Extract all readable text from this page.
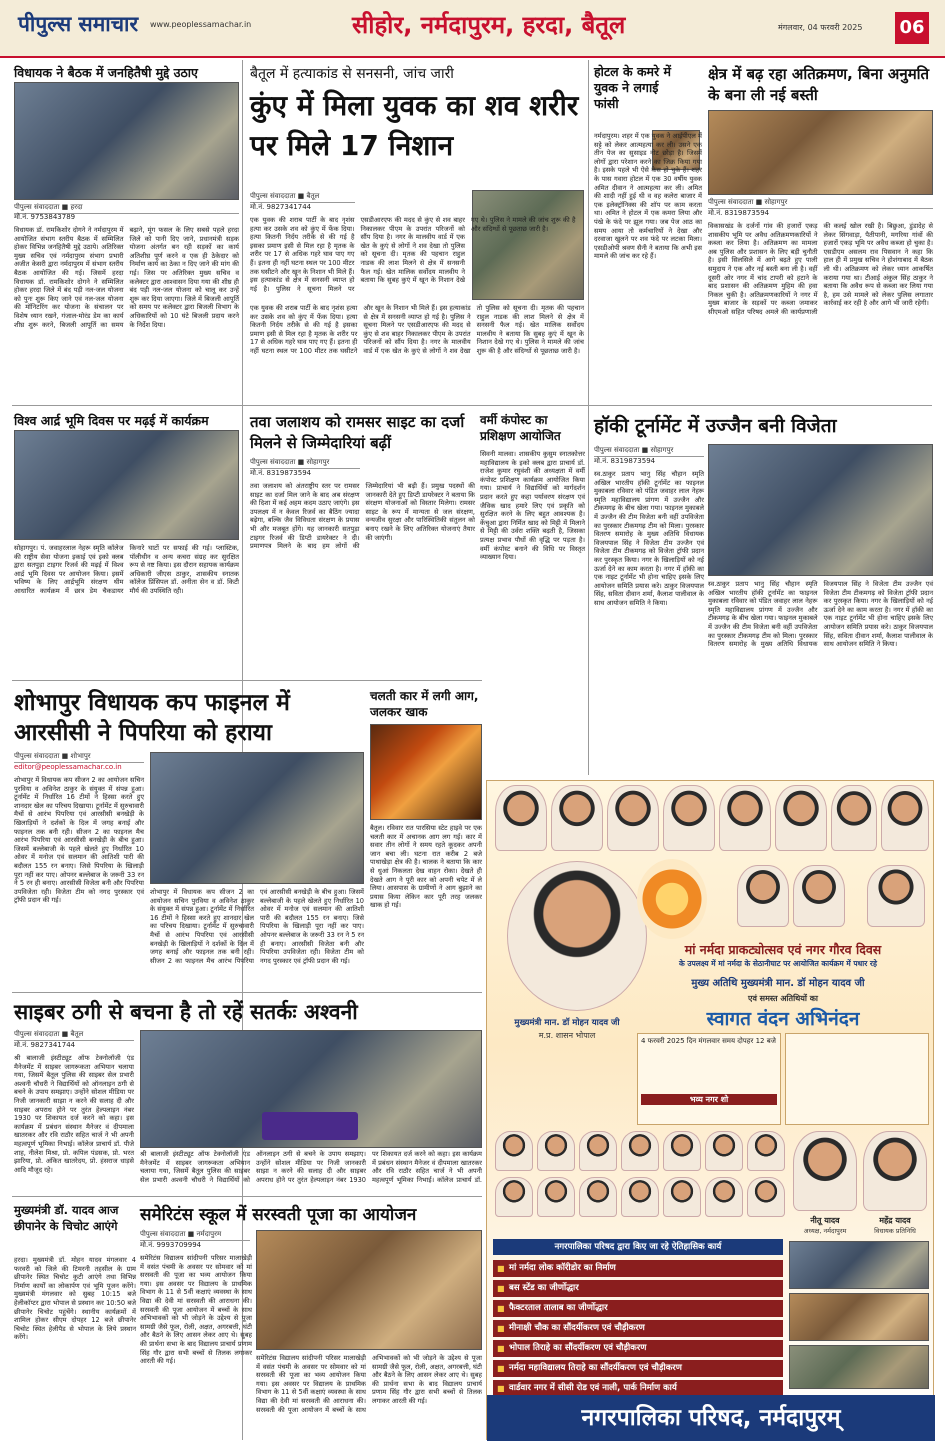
पीपुल्स समाचार www.peoplessamachar.in	सीहोर, नर्मदापुरम, हरदा, बैतूल	मंगलवार, 04 फरवरी 2025 06
विधायक ने बैठक में जनहितैषी मुद्दे उठाए
पीपुल्स संवाददाता ■ हरदा
मो.नं. 9753843789
विधायक डॉ. रामकिशोर दोगने ने नर्मदापुरम में आयोजित संभाग स्तरीय बैठक में सम्मिलित होकर विभिन्न जनहितैषी मुद्दे उठाये। अतिरिक्त मुख्य सचिव एवं नर्मदापुरम संभाग प्रभारी अजीत केसरी द्वारा नर्मदापुरम में संभाग स्तरीय बैठक आयोजित की गई। जिसमें हरदा विधायक डॉ. रामकिशोर दोगने ने सम्मिलित होकर हरदा जिले में बंद पड़ी नल-जल योजना को पुनः शुरू किए जाने एवं नल-जल योजना की मॉनिटरिंग कर योजना के संचालन पर विशेष ध्यान रखने, गंजाल-मोरंड डेम का कार्य शीघ्र शुरू करने, बिजली आपूर्ति का समय बढ़ाने, मूंग फसल के लिए सबसे पहले हरदा जिले को पानी दिए जाने, प्रधानमंत्री सड़क योजना अंतर्गत बन रही सड़कों का कार्य अतिशीघ्र पूर्ण करने व एक ही ठेकेदार को निर्माण कार्य का ठेका न दिए जाने की मांग की गई। जिस पर अतिरिक्त मुख्य सचिव व कलेक्टर द्वारा आश्वासन दिया गया की शीघ्र ही बंद पड़ी नल-जल योजना को चालू कर उन्हें शुरू कर दिया जाएगा। जिले में बिजली आपूर्ति को समय पर कलेक्टर द्वारा बिजली विभाग के अधिकारियों को 10 घंटे बिजली प्रदाय करने के निर्देश दिया।
बैतूल में हत्याकांड से सनसनी, जांच जारी
कुंए में मिला युवक का शव शरीर पर मिले 17 निशान
पीपुल्स संवाददाता ■ बैतूल
मो.नं. 9827341744
एक युवक की शराब पार्टी के बाद नृशंस हत्या कर उसके शव को कुंए में फेंक दिया। हत्या कितनी निर्दय तरीके से की गई है इसका प्रमाण इसी से मिल रहा है मृतक के शरीर पर 17 से अधिक गहरे घाव पाए गए हैं। इतना ही नहीं घटना स्थल पर 100 मीटर तक घसीटने और खून के निशान भी मिले हैं। इस हत्याकांड से क्षेत्र में सनसनी व्याप्त हो गई है। पुलिस ने सूचना मिलने पर एसडीआरएफ की मदद से कुंए से शव बाहर निकालकर पीएम के उपरांत परिजनों को सौंप दिया है। नगर के मालवीय वार्ड में एक खेत के कुएं से लोगों ने शव देखा तो पुलिस को सूचना दी। मृतक की पहचान राहुल नाडक की लाश मिलने से क्षेत्र में सनसनी फैल गई। खेत मालिक सर्वोदय मालवीय ने बताया कि सुबह कुएं में खून के निशान देखे
एक युवक की शराब पार्टी के बाद नृशंस हत्या कर उसके शव को कुंए में फेंक दिया। हत्या कितनी निर्दय तरीके से की गई है इसका प्रमाण इसी से मिल रहा है मृतक के शरीर पर 17 से अधिक गहरे घाव पाए गए हैं। इतना ही नहीं घटना स्थल पर 100 मीटर तक घसीटने और खून के निशान भी मिले हैं। इस हत्याकांड से क्षेत्र में सनसनी व्याप्त हो गई है। पुलिस ने सूचना मिलने पर एसडीआरएफ की मदद से कुंए से शव बाहर निकालकर पीएम के उपरांत परिजनों को सौंप दिया है। नगर के मालवीय वार्ड में एक खेत के कुएं से लोगों ने शव देखा तो पुलिस को सूचना दी। मृतक की पहचान राहुल नाडक की लाश मिलने से क्षेत्र में सनसनी फैल गई। खेत मालिक सर्वोदय मालवीय ने बताया कि सुबह कुएं में खून के निशान देखे गए थे। पुलिस ने मामले की जांच शुरू की है और संदिग्धों से पूछताछ जारी है।
होटल के कमरे में युवक ने लगाई फांसी
नर्मदापुरम। शहर में एक युवक ने आईपीएल में सट्टे को लेकर आत्महत्या कर ली। उसने एक तीन पेज का सुसाइड नोट छोड़ा है। जिसमें लोगों द्वारा परेशान करने का जिक्र किया गया है। इसके पहले भी ऐसे केस हो चुके हैं। शहर के पास गवारा होटल में एक 30 वर्षीय युवक अमित दीवान ने आत्महत्या कर ली। अमित की शादी नहीं हुई थी व वह कलेरा बाजार में एक इलेक्ट्रॉनिक्स की शॉप पर काम करता था। अमित ने होटल में एक कमरा लिया और पंखे के फंदे पर झूल गया। जब पेज आठ का समय आया तो कर्मचारियों ने देखा और दरवाजा खुलने पर शव फंदे पर लटका मिला। एसडीओपी श्रवण सैनी ने बताया कि अभी इस मामले की जांच कर रहे हैं।
क्षेत्र में बढ़ रहा अतिक्रमण, बिना अनुमति के बना ली नई बस्ती
पीपुल्स संवाददाता ■ सोहागपुर
मो.नं. 8319873594
विकासखंड के दर्जनों गांव की हजारों एकड़ शासकीय भूमि पर अवैध अतिक्रमणकारियों ने कब्जा कर लिया है। अतिक्रमण का मामला अब पुलिस और प्रशासन के लिए बड़ी चुनौती है। इसी सिलसिले में आगे बढ़ते हुए पाली समुदाय ने एक और नई बस्ती बना ली है। वहीं दूसरी ओर नगर में चांद टापरी को हटाने के बाद प्रशासन की अतिक्रमण मुहिम की हवा निकल चुकी है। अतिक्रमणकारियों ने नगर में मुख्य बाजार के सड़कों पर कब्जा जमाकर सीएमओ सहित परिषद अमले की कार्यप्रणाली की कलई खोल रखी है। बिछुआ, डुंडादेह से लेकर सिंगवाड़ा, पैतीपानी, मगरिया गांवों की हजारों एकड़ भूमि पर अवैध कब्जा हो चुका है। एसडीएम असलम राव पिसवान ने कहा कि हाल ही में प्रमुख सचिव ने होशंगाबाद में बैठक ली थी। अतिक्रमण को लेकर ध्यान आकर्षित कराया गया था। टीआई अंकुल सिंह ठाकुर ने बताया कि अवैध रूप से कब्जा कर लिया गया है, हम उसे मामले को लेकर पुलिस लगातार कार्रवाई कर रही है और आगे भी जारी रहेगी।
विश्व आर्द्र भूमि दिवस पर मढ़ई में कार्यक्रम
सोहागपुर। पं. जवाहरलाल नेहरू स्मृति कॉलेज की राष्ट्रीय सेवा योजना इकाई एवं इको क्लब द्वारा सतपुड़ा टाइगर रिजर्व की मढ़ई में विश्व आर्द्र भूमि दिवस पर आयोजन किया। इसमें भविष्य के लिए आर्द्रभूमि संरक्षण थीम आधारित कार्यक्रम में छात्र डेम चैकडायर किनारे घाटों पर सफाई की गई। प्लास्टिक, पॉलीथीन व अन्य कचरा संग्रह कर सुरक्षित रूप से नष्ट किया। इस दौरान सहायक कार्यक्रम अधिकारी जीएस ठाकुर, शासकीय स्नातक कॉलेज प्रिंसिपल डॉ. अनीता सेन व डॉ. किटी मौर्य की उपस्थिति रही।
तवा जलाशय को रामसर साइट का दर्जा मिलने से जिम्मेदारियां बढ़ीं
पीपुल्स संवाददाता ■ सोहागपुर
मो.नं. 8319873594
तवा जलाशय को अंतराष्ट्रीय स्तर पर रामसर साइट का दर्जा मिल जाने के बाद अब संरक्षण की दिशा में कई अहम कदम उठाए जाएंगे। इस उपलक्ष्य में न केवल रिजर्व का बैठिंग ज्यादा बढ़ेगा, बल्कि जैव विविधता संरक्षण के प्रयास भी और मजबूत होंगे। यह जानकारी सतपुड़ा टाइगर रिजर्व की डिप्टी डायरेक्टर ने दी। प्रमाणपत्र मिलने के बाद हम लोगों की जिम्मेदारियां भी बढ़ी हैं। प्रमुख पदस्थों की जानकारी देते हुए डिप्टी डायरेक्टर ने बताया कि संरक्षण योजनाओं को विस्तार मिलेगा। रामसर साइट के रूप में मान्यता से जल संरक्षण, वन्यजीव सुरक्षा और पारिस्थितिकी संतुलन को बनाए रखने के लिए अतिरिक्त योजनाएं तैयार की जाएंगी।
वर्मी कंपोस्ट का प्रशिक्षण आयोजित
सिवनी मालवा। शासकीय कुसुम स्नातकोत्तर महाविद्यालय के इको क्लब द्वारा प्राचार्य डॉ. राजेश कुमार रघुवंशी की अध्यक्षता में वर्मी कंपोस्ट प्रशिक्षण कार्यक्रम आयोजित किया गया। प्राचार्य ने विद्यार्थियों को मार्गदर्शन प्रदान करते हुए कहा पर्यावरण संरक्षण एवं जैविक खाद हमारे लिए एवं प्रकृति को सुरक्षित करने के लिए बहुत आवश्यक है। केंचुआ द्वारा निर्मित खाद को मिट्टी में मिलाने से मिट्टी की उर्वरा शक्ति बढ़ती है, जिसका प्रत्यक्ष प्रभाव पौधों की वृद्धि पर पड़ता है। वर्मी कंपोस्ट बनाने की विधि पर विस्तृत व्याख्यान दिया।
हॉकी टूर्नामेंट में उज्जैन बनी विजेता
पीपुल्स संवाददाता ■ सोहागपुर
मो.नं. 8319873594
स्व.ठाकुर प्रताप भानु सिंह चौहान स्मृति अखिल भारतीय हॉकी टूर्नामेंट का फाइनल मुकाबला रविवार को पंडित जवाहर लाल नेहरू स्मृति महाविद्यालय प्रांगण में उज्जैन और टीकमगढ़ के बीच खेला गया। फाइनल मुकाबले में उज्जैन की टीम विजेता बनी वहीं उपविजेता का पुरस्कार टीकमगढ़ टीम को मिला। पुरस्कार वितरण समारोह के मुख्य अतिथि विधायक विजयपाल सिंह ने विजेता टीम उज्जैन एवं विजेता टीम टीकमगढ़ को विजेता ट्रॉफी प्रदान कर पुरस्कृत किया। नगर के खिलाड़ियों को नई ऊर्जा देने का काम करता है। नगर में हॉकी का एक नाइट टूर्नामेंट भी होना चाहिए इसके लिए आयोजन समिति प्रयास करे। ठाकुर विजयपाल सिंह, सविता दीवान शर्मा, कैलाश पालीवाल के साथ आयोजन समिति ने किया।
स्व.ठाकुर प्रताप भानु सिंह चौहान स्मृति अखिल भारतीय हॉकी टूर्नामेंट का फाइनल मुकाबला रविवार को पंडित जवाहर लाल नेहरू स्मृति महाविद्यालय प्रांगण में उज्जैन और टीकमगढ़ के बीच खेला गया। फाइनल मुकाबले में उज्जैन की टीम विजेता बनी वहीं उपविजेता का पुरस्कार टीकमगढ़ टीम को मिला। पुरस्कार वितरण समारोह के मुख्य अतिथि विधायक विजयपाल सिंह ने विजेता टीम उज्जैन एवं विजेता टीम टीकमगढ़ को विजेता ट्रॉफी प्रदान कर पुरस्कृत किया। नगर के खिलाड़ियों को नई ऊर्जा देने का काम करता है। नगर में हॉकी का एक नाइट टूर्नामेंट भी होना चाहिए इसके लिए आयोजन समिति प्रयास करे। ठाकुर विजयपाल सिंह, सविता दीवान शर्मा, कैलाश पालीवाल के साथ आयोजन समिति ने किया।
शोभापुर विधायक कप फाइनल में आरसीसी ने पिपरिया को हराया
पीपुल्स संवाददाता ■ शोभापुर
editor@peoplessamachar.co.in
शोभापुर में विधायक कप सीजन 2 का आयोजन सचिन पुरविया व अविनेश ठाकुर के संयुक्त में संपन्न हुआ। टूर्नामेंट में निर्धारित 16 टीमों ने हिस्सा करते हुए शानदार खेल का परिचय दिखाया। टूर्नामेंट में सुरुचावारी मैचों से आरंभ पिपरिया एवं आरसीसी बनखेड़ी के खिलाड़ियों ने दर्शकों के दिल में जगह बनाई और फाइनल तक बनी रही। सीजन 2 का फाइनल मैच आरंभ पिपरिया एवं आरसीसी बनखेड़ी के बीच हुआ। जिसमें बल्लेबाजी के पहले खेलते हुए निर्धारित 10 ओवर में मनोज एवं सलमान की आतिशी पारी की बदौलत 155 रन बनाए। जिसे पिपरिया के खिलाड़ी पूरा नहीं कर पाए। ओपनर बल्लेबाज के जरूरी 33 रन ने 5 रन ही बनाए। आरसीसी विजेता बनी और पिपरिया उपविजेता रही। विजेता टीम को नगद पुरस्कार एवं ट्रॉफी प्रदान की गई।
शोभापुर में विधायक कप सीजन 2 का आयोजन सचिन पुरविया व अविनेश ठाकुर के संयुक्त में संपन्न हुआ। टूर्नामेंट में निर्धारित 16 टीमों ने हिस्सा करते हुए शानदार खेल का परिचय दिखाया। टूर्नामेंट में सुरुचावारी मैचों से आरंभ पिपरिया एवं आरसीसी बनखेड़ी के खिलाड़ियों ने दर्शकों के दिल में जगह बनाई और फाइनल तक बनी रही। सीजन 2 का फाइनल मैच आरंभ पिपरिया एवं आरसीसी बनखेड़ी के बीच हुआ। जिसमें बल्लेबाजी के पहले खेलते हुए निर्धारित 10 ओवर में मनोज एवं सलमान की आतिशी पारी की बदौलत 155 रन बनाए। जिसे पिपरिया के खिलाड़ी पूरा नहीं कर पाए। ओपनर बल्लेबाज के जरूरी 33 रन ने 5 रन ही बनाए। आरसीसी विजेता बनी और पिपरिया उपविजेता रही। विजेता टीम को नगद पुरस्कार एवं ट्रॉफी प्रदान की गई।
चलती कार में लगी आग, जलकर खाक
बैतूल। रविवार रात पारसिया स्टेट हाइवे पर एक चलती कार में अचानक आग लग गई। कार में सवार तीन लोगों ने समय रहते कूदकर अपनी जान बचा ली। घटना रात करीब 2 बजे पाथाखेड़ा क्षेत्र की है। चालक ने बताया कि कार से धुआं निकलता देख वाहन रोका। देखते ही देखते आग ने पूरी कार को अपनी चपेट में ले लिया। आसपास के ग्रामीणों ने आग बुझाने का प्रयास किया लेकिन कार पूरी तरह जलकर खाक हो गई।
साइबर ठगी से बचना है तो रहें सतर्कः अश्वनी
पीपुल्स संवाददाता ■ बैतूल
मो.नं. 9827341744
श्री बालाजी इंस्टीट्यूट ऑफ टेक्नोलॉजी एंड मैनेजमेंट में साइबर जागरूकता अभियान चलाया गया, जिसमें बैतूल पुलिस की साइबर सेल प्रभारी अश्वनी चौधरी ने विद्यार्थियों को ऑनलाइन ठगी से बचने के उपाय समझाए। उन्होंने सोशल मीडिया पर निजी जानकारी साझा न करने की सलाह दी और साइबर अपराध होने पर तुरंत हेल्पलाइन नंबर 1930 पर शिकायत दर्ज करने को कहा। इस कार्यक्रम में प्रबंधन संस्थान मैनेजर वं दीपमाला खातरकर और रवि राठौर सहित चार्ज ने भी अपनी महत्वपूर्ण भूमिका निभाई। कॉलेज प्राचार्य डॉ. पीजे शाह, नीलेश मिश्रा, प्रो. कपिल पंडसक, प्रो. भरत झारिया, प्रो. अंकित खातरेदय, प्रो. हंसराज धाड़से आदि मौजूद रहे।
श्री बालाजी इंस्टीट्यूट ऑफ टेक्नोलॉजी एंड मैनेजमेंट में साइबर जागरूकता अभियान चलाया गया, जिसमें बैतूल पुलिस की साइबर सेल प्रभारी अश्वनी चौधरी ने विद्यार्थियों को ऑनलाइन ठगी से बचने के उपाय समझाए। उन्होंने सोशल मीडिया पर निजी जानकारी साझा न करने की सलाह दी और साइबर अपराध होने पर तुरंत हेल्पलाइन नंबर 1930 पर शिकायत दर्ज करने को कहा। इस कार्यक्रम में प्रबंधन संस्थान मैनेजर वं दीपमाला खातरकर और रवि राठौर सहित चार्ज ने भी अपनी महत्वपूर्ण भूमिका निभाई। कॉलेज प्राचार्य डॉ.
मुख्यमंत्री डॉ. यादव आज छीपानेर के चिचोट आएंगे
हरदा। मुख्यमंत्री डॉ. मोहन यादव मंगलवार 4 फरवरी को जिले की टिमरनी तहसील के ग्राम छीपानेर स्थित चिचोट कुटी आएंगे तथा विभिन्न निर्माण कार्यों का लोकार्पण एवं भूमि पूजन करेंगे। मुख्यमंत्री मंगलवार को सुबह 10:15 बजे हेलीकॉप्टर द्वारा भोपाल से प्रस्थान कर 10:50 बजे छीपानेर चिचोट पहुंचेंगे। स्थानीय कार्यक्रमों में शामिल होकर सीएम दोपहर 12 बजे छीपानेर चिचोट स्थित हेलीपैड से भोपाल के लिये प्रस्थान करेंगे।
समेरिटंस स्कूल में सरस्वती पूजा का आयोजन
पीपुल्स संवाददाता ■ नर्मदापुरम
मो.नं. 9993709994
समेरिटंस विद्यालय सांदीपनी परिसर मालाखेड़ी में वसंत पंचमी के अवसर पर सोमवार को मां सरस्वती की पूजा का भव्य आयोजन किया गया। इस अवसर पर विद्यालय के प्राथमिक विभाग के 11 से 5वीं कक्षाएं व्यवस्था के साथ विद्या की देवी मां सरस्वती की आराधना की। सरस्वती की पूजा आयोजन में बच्चों के साथ अभिभावकों को भी जोड़ने के उद्देश्य से पूजा सामग्री जैसे फूल, रोली, अक्षत, अगरबत्ती, घंटी और बैठने के लिए आसन लेकर आए थे। सुबह की प्रार्थना सभा के बाद विद्यालय प्राचार्य प्रणाम सिंह गौर द्वारा सभी बच्चों से तिलक लगाकर आरती की गई।	समेरिटंस विद्यालय सांदीपनी परिसर मालाखेड़ी में वसंत पंचमी के अवसर पर सोमवार को मां सरस्वती की पूजा का भव्य आयोजन किया गया। इस अवसर पर विद्यालय के प्राथमिक विभाग के 11 से 5वीं कक्षाएं व्यवस्था के साथ विद्या की देवी मां सरस्वती की आराधना की। सरस्वती की पूजा आयोजन में बच्चों के साथ अभिभावकों को भी जोड़ने के उद्देश्य से पूजा सामग्री जैसे फूल, रोली, अक्षत, अगरबत्ती, घंटी और बैठने के लिए आसन लेकर आए थे। सुबह की प्रार्थना सभा के बाद विद्यालय प्राचार्य प्रणाम सिंह गौर द्वारा सभी बच्चों से तिलक लगाकर आरती की गई।
मां नर्मदा प्राकट्योत्सव एवं नगर गौरव दिवस
के उपलक्ष्य में मां नर्मदा के सेठानीघाट पर आयोजित कार्यक्रम में पधार रहे
मुख्य अतिथि मुख्यमंत्री मान. डॉ मोहन यादव जी
एवं समस्त अतिथियों का
स्वागत वंदन अभिनंदन
मुख्यमंत्री मान. डॉ मोहन यादव जी
म.प्र. शासन भोपाल
4 फरवरी 2025 दिन मंगलवार समय दोपहर 12 बजे
भव्य नगर शो
नीतू यादव
अध्यक्ष, नर्मदापुरम
महेंद्र यादव
विधायक प्रतिनिधि
नगरपालिका परिषद द्वारा किए जा रहे ऐतिहासिक कार्य
■ मां नर्मदा लोक कॉरीडोर का निर्माण
■ बस स्टेंड का जीर्णोद्धार
■ फैक्टरताल तालाब का जीर्णोद्धार
■ मीनाक्षी चौक का सौंदर्यीकरण एवं चौड़ीकरण
■ भोपाल तिराहे का सौंदर्यीकरण एवं चौड़ीकरण
■ नर्मदा महाविद्यालय तिराहे का सौंदर्यीकरण एवं चौड़ीकरण
■ वार्डवार नगर में सीसी रोड एवं नाली, पार्क निर्माण कार्य
नगरपालिका परिषद, नर्मदापुरम्
